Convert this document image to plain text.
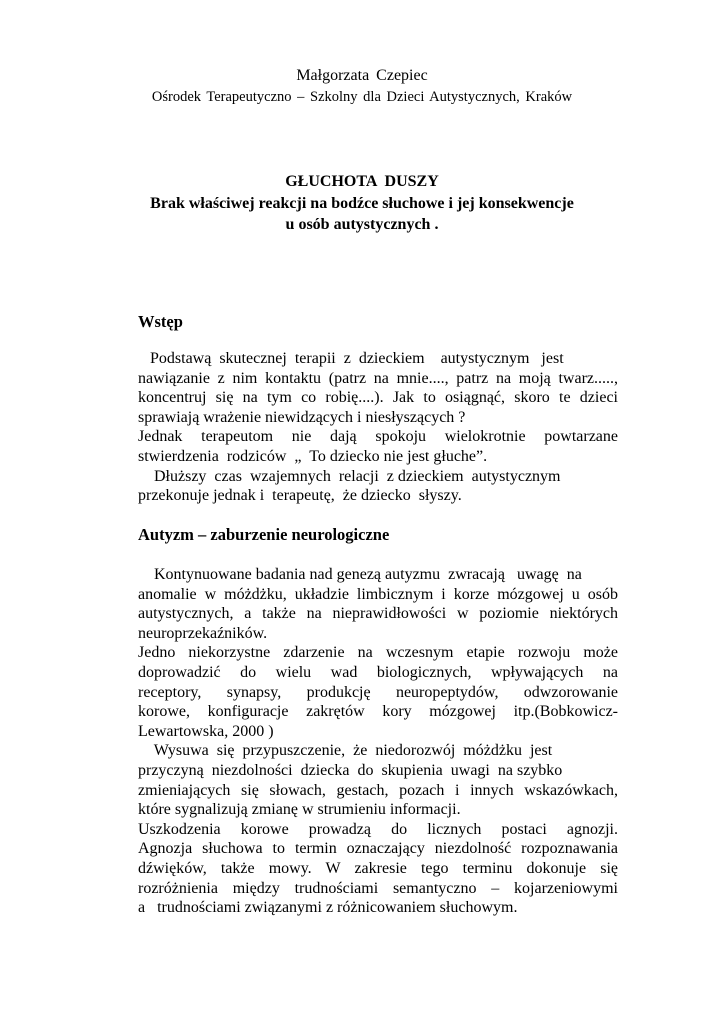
Małgorzata Czepiec
Ośrodek Terapeutyczno – Szkolny dla Dzieci Autystycznych, Kraków
GŁUCHOTA DUSZY
Brak właściwej reakcji na bodźce słuchowe i jej konsekwencje
u osób autystycznych .
Wstęp
Podstawą  skutecznej  terapii  z  dzieckiem    autystycznym   jest
nawiązanie z nim kontaktu (patrz na mnie...., patrz na moją twarz.....,
koncentruj się na tym co robię....). Jak to osiągnąć, skoro te dzieci
sprawiają wrażenie niewidzących i niesłyszących ?
Jednak terapeutom nie dają spokoju wielokrotnie powtarzane
stwierdzenia  rodziców  „  To dziecko nie jest głuche”.
Dłuższy  czas  wzajemnych  relacji  z dzieckiem  autystycznym
przekonuje jednak i  terapeutę,  że dziecko  słyszy.
Autyzm – zaburzenie neurologiczne
Kontynuowane badania nad genezą autyzmu  zwracają   uwagę  na
anomalie w móżdżku, układzie limbicznym i korze mózgowej u osób
autystycznych, a także na nieprawidłowości w poziomie niektórych
neuroprzekaźników.
Jedno niekorzystne zdarzenie na wczesnym etapie rozwoju może
doprowadzić do wielu wad biologicznych, wpływających na
receptory, synapsy, produkcję neuropeptydów, odwzorowanie
korowe, konfiguracje zakrętów kory mózgowej itp.(Bobkowicz-
Lewartowska, 2000 )
Wysuwa  się  przypuszczenie,  że  niedorozwój  móżdżku  jest
przyczyną  niezdolności  dziecka  do  skupienia  uwagi  na szybko
zmieniających się słowach, gestach, pozach i innych wskazówkach,
które sygnalizują zmianę w strumieniu informacji.
Uszkodzenia korowe prowadzą do licznych postaci agnozji.
Agnozja słuchowa to termin oznaczający niezdolność rozpoznawania
dźwięków, także mowy. W zakresie tego terminu dokonuje się
rozróżnienia między trudnościami semantyczno – kojarzeniowymi
a   trudnościami związanymi z różnicowaniem słuchowym.
